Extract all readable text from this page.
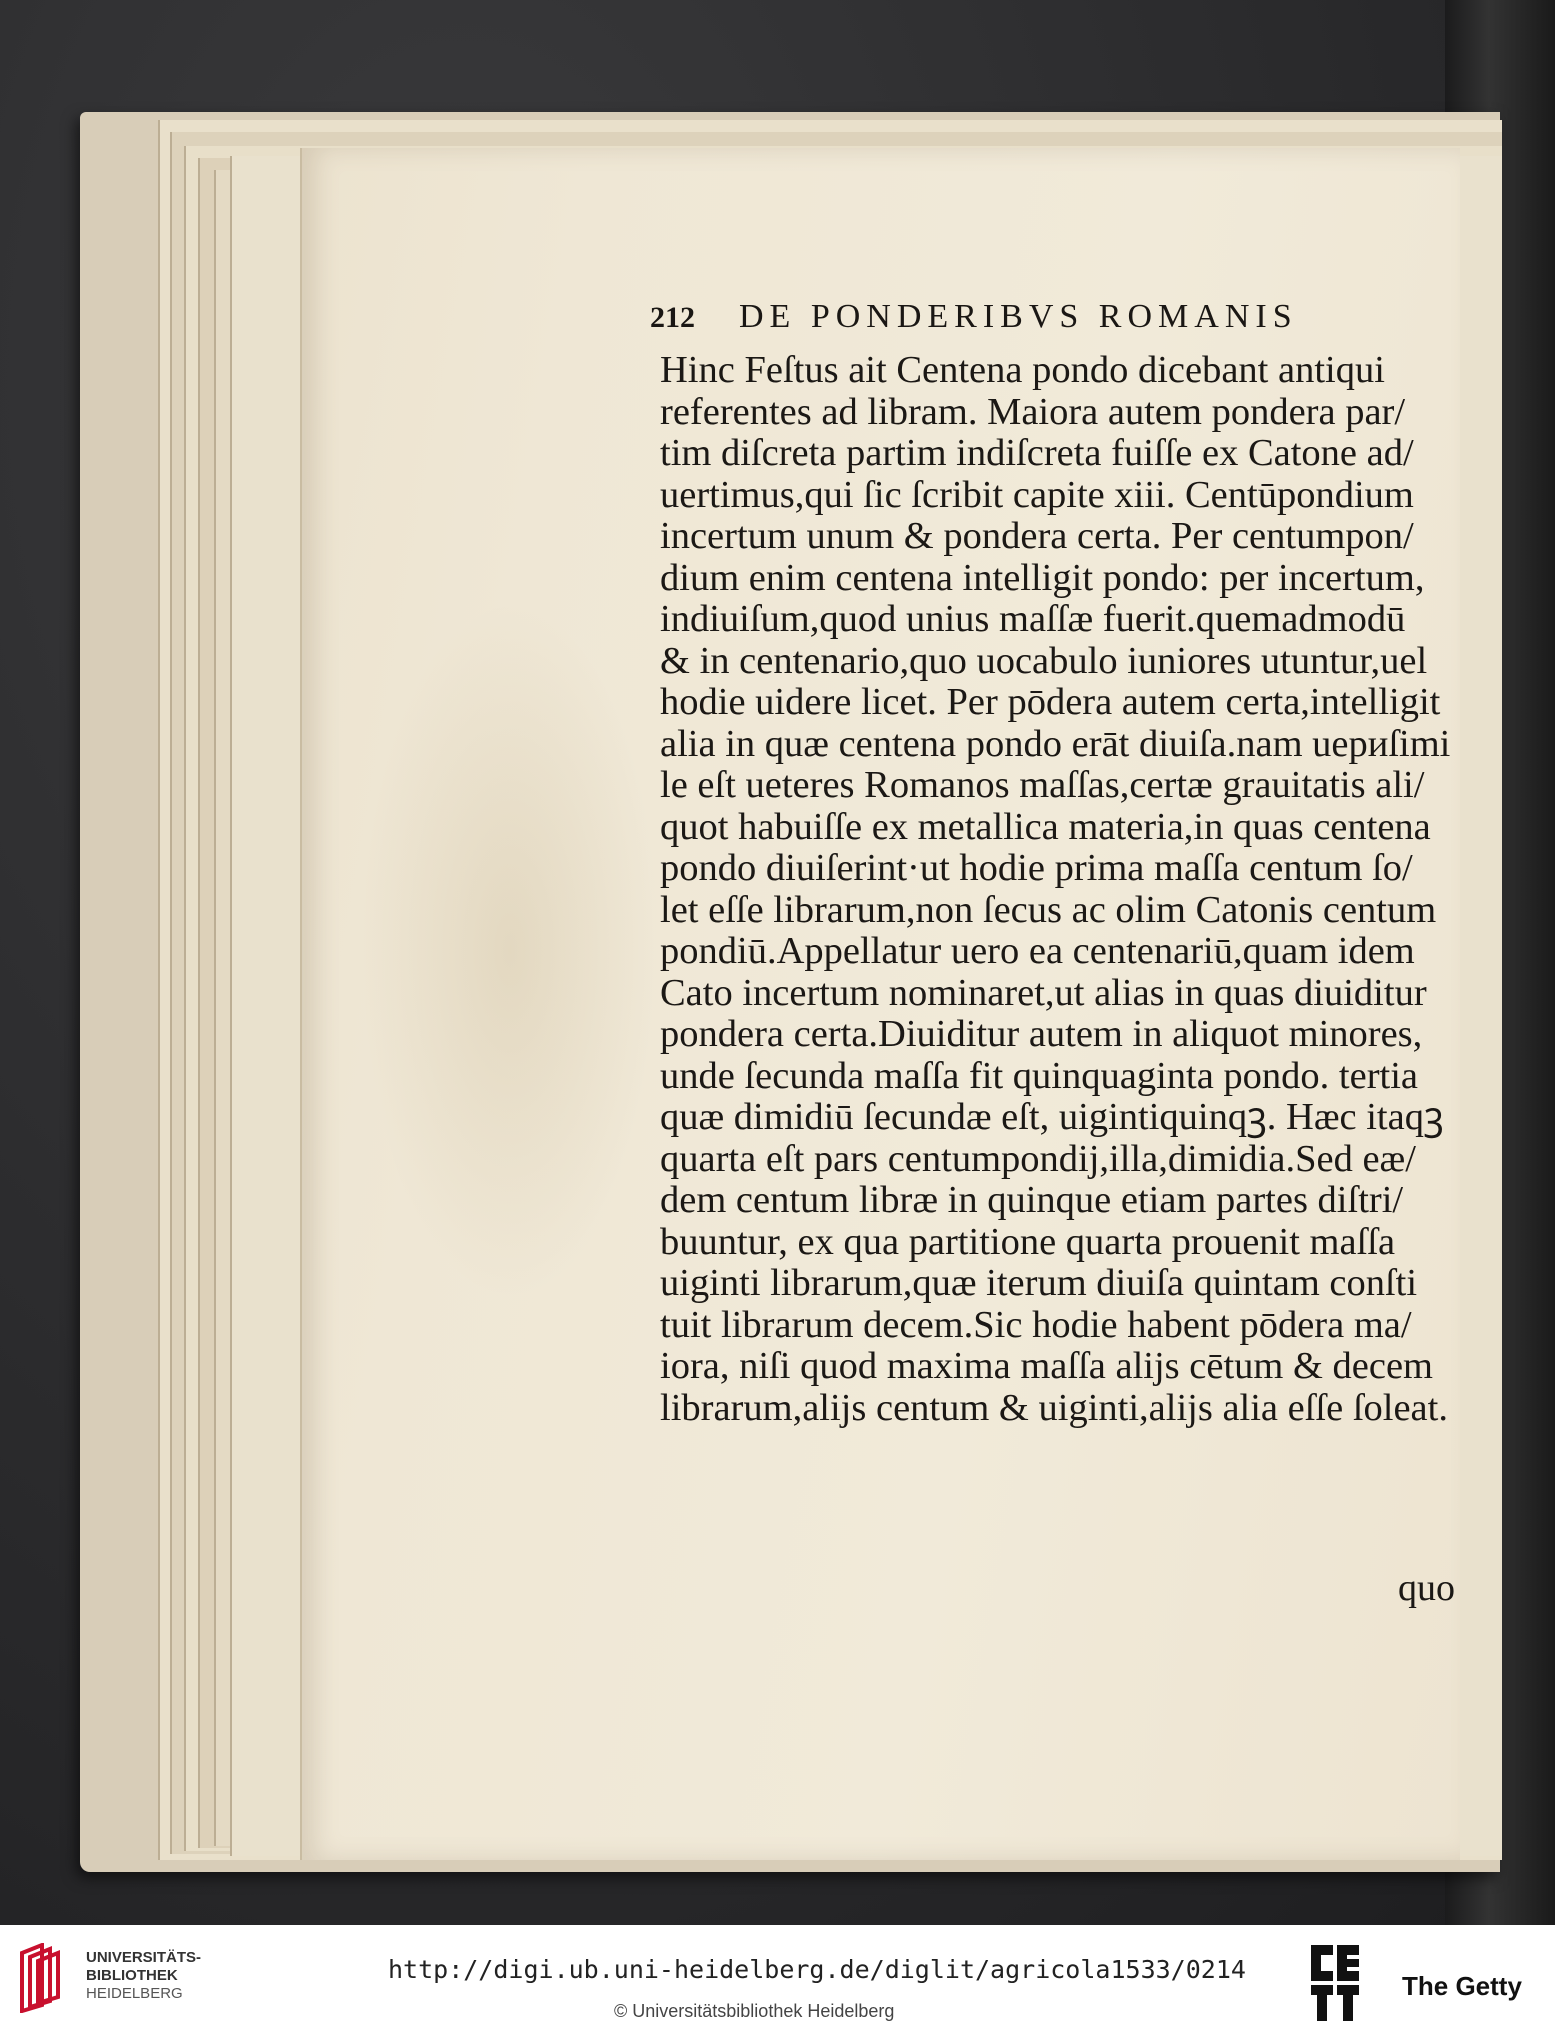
212 DE PONDERIBVS ROMANIS
Hinc Feſtus ait Centena pondo dicebant antiqui
referentes ad libram. Maiora autem pondera par/
tim diſcreta partim indiſcreta fuiſſe ex Catone ad/
uertimus,qui ſic ſcribit capite xiii. Centūpondium
incertum unum & pondera certa. Per centumpon/
dium enim centena intelligit pondo: per incertum,
indiuiſum,quod unius maſſæ fuerit.quemadmodū
& in centenario,quo uocabulo iuniores utuntur,uel
hodie uidere licet. Per pōdera autem certa,intelligit
alia in quæ centena pondo erāt diuiſa.nam uериſimi
le eſt ueteres Romanos maſſas,certæ grauitatis ali/
quot habuiſſe ex metallica materia,in quas centena
pondo diuiſerint·ut hodie prima maſſa centum ſo/
let eſſe librarum,non ſecus ac olim Catonis centum
pondiū.Appellatur uero ea centenariū,quam idem
Cato incertum nominaret,ut alias in quas diuiditur
pondera certa.Diuiditur autem in aliquot minores,
unde ſecunda maſſa fit quinquaginta pondo. tertia
quæ dimidiū ſecundæ eſt, uigintiquinqꝫ. Hæc itaqꝫ
quarta eſt pars centumpondij,illa,dimidia.Sed eæ/
dem centum libræ in quinque etiam partes diſtri/
buuntur, ex qua partitione quarta prouenit maſſa
uiginti librarum,quæ iterum diuiſa quintam conſti
tuit librarum decem.Sic hodie habent pōdera ma/
iora, niſi quod maxima maſſa alijs cētum & decem
librarum,alijs centum & uiginti,alijs alia eſſe ſoleat.
quo
UNIVERSITÄTS-
BIBLIOTHEK
HEIDELBERG
http://digi.ub.uni-heidelberg.de/diglit/agricola1533/0214
© Universitätsbibliothek Heidelberg
The Getty
